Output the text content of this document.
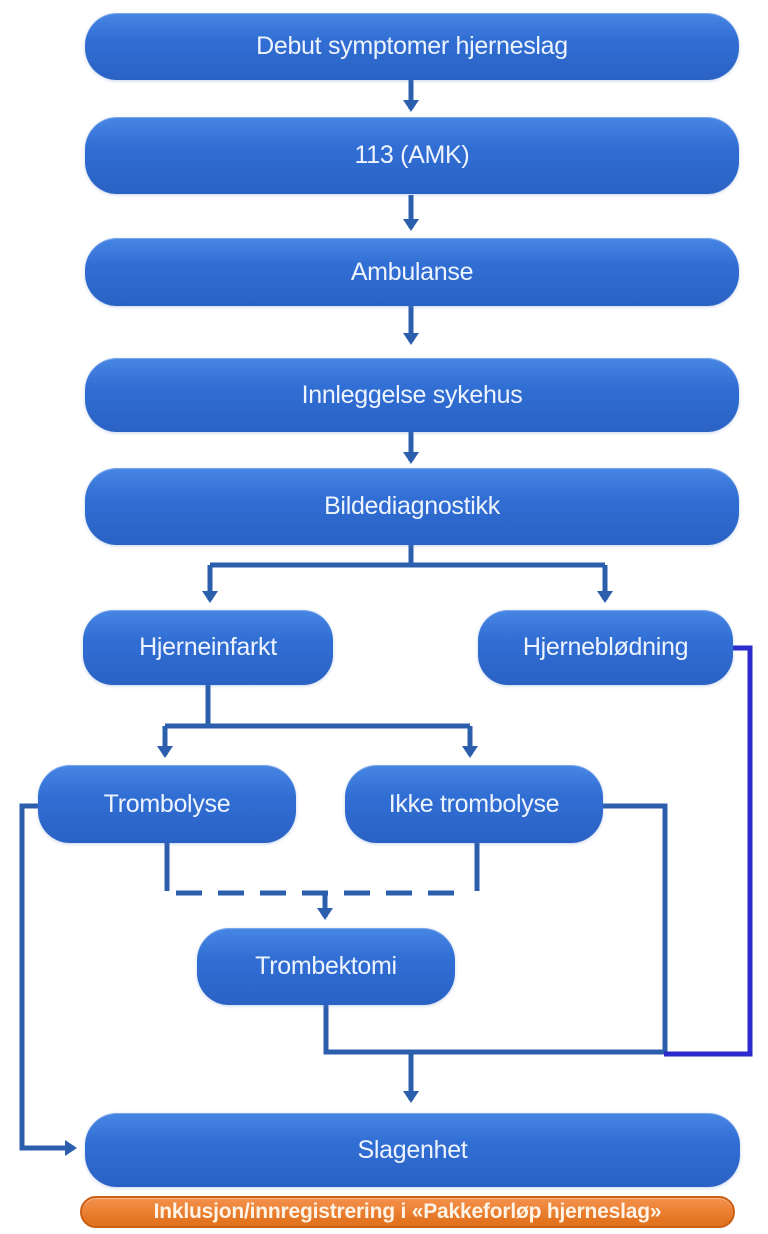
Debut symptomer hjerneslag
113 (AMK)
Ambulanse
Innleggelse sykehus
Bildediagnostikk
Hjerneinfarkt	Hjerneblødning
Trombolyse	Ikke trombolyse
Trombektomi
Slagenhet
Inklusjon/innregistrering i «Pakkeforløp hjerneslag»
